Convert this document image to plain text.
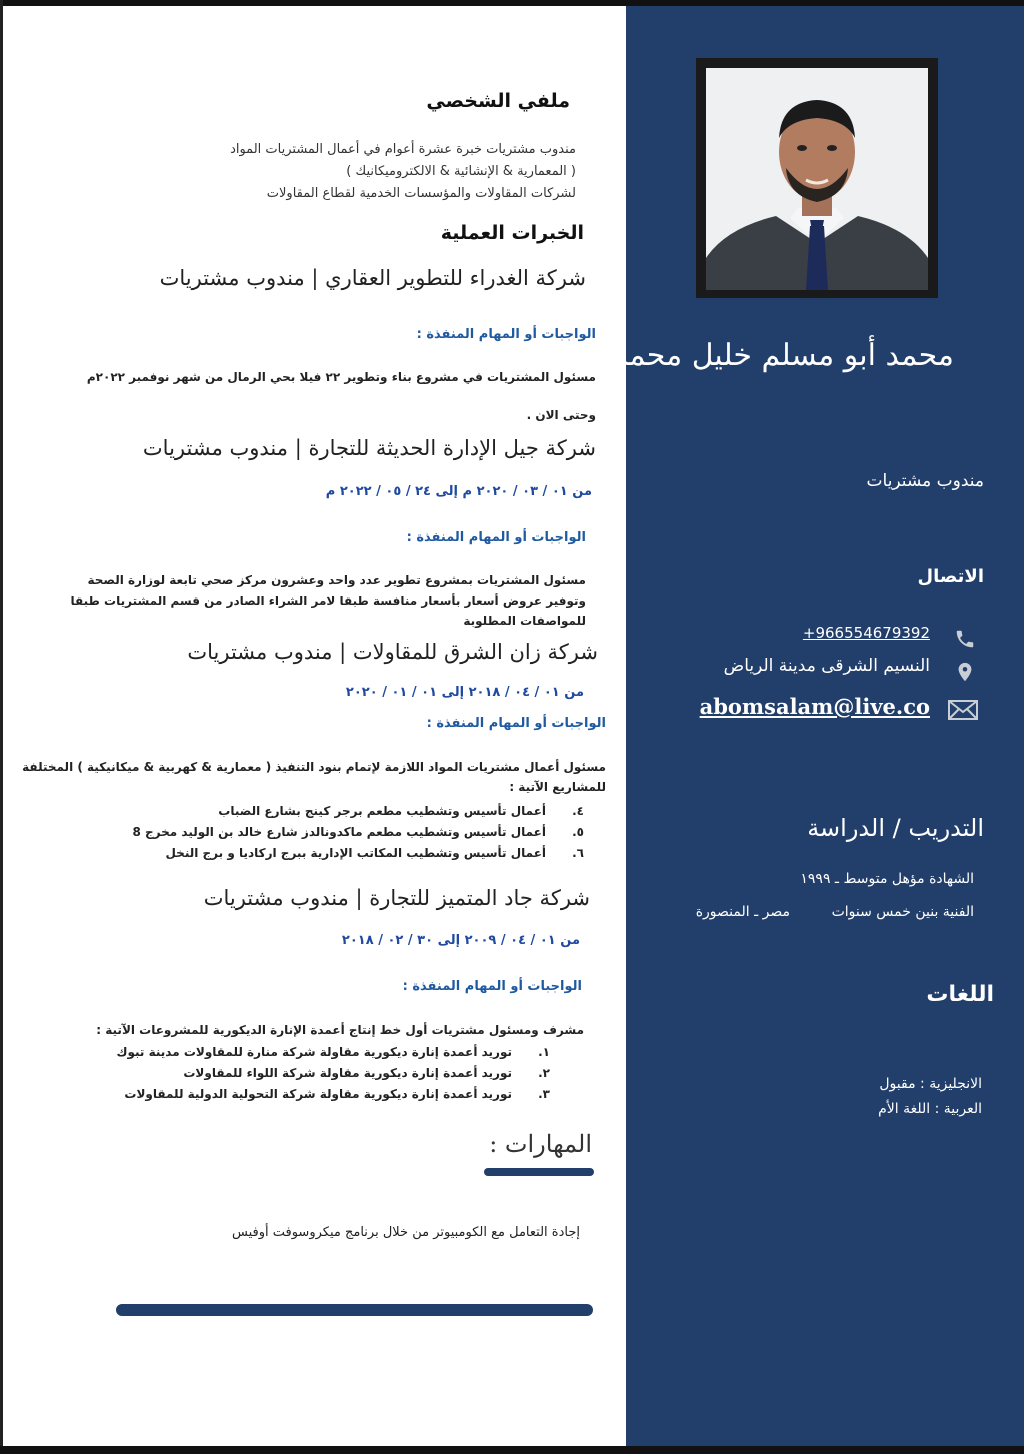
محمد أبو مسلم خليل محمد
مندوب مشتريات
الاتصال
+966554679392
النسيم الشرقى مدينة الرياض
abomsalam@live.co
التدريب / الدراسة
الشهادة مؤهل متوسط ـ ١٩٩٩
الفنية بنين خمس سنوات
مصر ـ المنصورة
اللغات
الانجليزية : مقبول
العربية : اللغة الأم
ملفي الشخصي
مندوب مشتريات خبرة عشرة أعوام في أعمال المشتريات المواد
( المعمارية & الإنشائية & الالكتروميكانيك )
لشركات المقاولات والمؤسسات الخدمية لقطاع المقاولات
الخبرات العملية
شركة الغدراء للتطوير العقاري | مندوب مشتريات
الواجبات أو المهام المنفذة :
مسئول المشتريات في مشروع بناء وتطوير ٢٢ فيلا بحي الرمال من شهر نوفمبر ٢٠٢٢م
وحتى الان .
شركة جيل الإدارة الحديثة للتجارة | مندوب مشتريات
من ٠١ / ٠٣ / ٢٠٢٠ م إلى ٢٤ / ٠٥ / ٢٠٢٢ م
الواجبات أو المهام المنفذة :
مسئول المشتريات بمشروع تطوير عدد واحد وعشرون مركز صحي تابعة لوزارة الصحة
وتوفير عروض أسعار بأسعار منافسة طبقا لامر الشراء الصادر من قسم المشتريات طبقا
للمواصفات المطلوبة
شركة زان الشرق للمقاولات | مندوب مشتريات
من ٠١ / ٠٤ / ٢٠١٨ إلى ٠١ / ٠١ / ٢٠٢٠
الواجبات أو المهام المنفذة :
مسئول أعمال مشتريات المواد اللازمة لإتمام بنود التنفيذ ( معمارية & كهربية & ميكانيكية ) المختلفة
للمشاريع الآتية :
٤.
أعمال تأسيس وتشطيب مطعم برجر كينج بشارع الضباب
٥.
أعمال تأسيس وتشطيب مطعم ماكدونالدز شارع خالد بن الوليد مخرج 8
٦.
أعمال تأسيس وتشطيب المكاتب الإدارية ببرج اركاديا و برج النخل
شركة جاد المتميز للتجارة | مندوب مشتريات
من ٠١ / ٠٤ / ٢٠٠٩ إلى ٣٠ / ٠٢ / ٢٠١٨
الواجبات أو المهام المنفذة :
مشرف ومسئول مشتريات أول خط إنتاج أعمدة الإنارة الديكورية للمشروعات الآتية :
١.
توريد أعمدة إنارة ديكورية مقاولة شركة منارة للمقاولات مدينة تبوك
٢.
توريد أعمدة إنارة ديكورية مقاولة شركة اللواء للمقاولات
٣.
توريد أعمدة إنارة ديكورية مقاولة شركة التحولية الدولية للمقاولات
المهارات :
إجادة التعامل مع الكومبيوتر من خلال برنامج ميكروسوفت أوفيس
